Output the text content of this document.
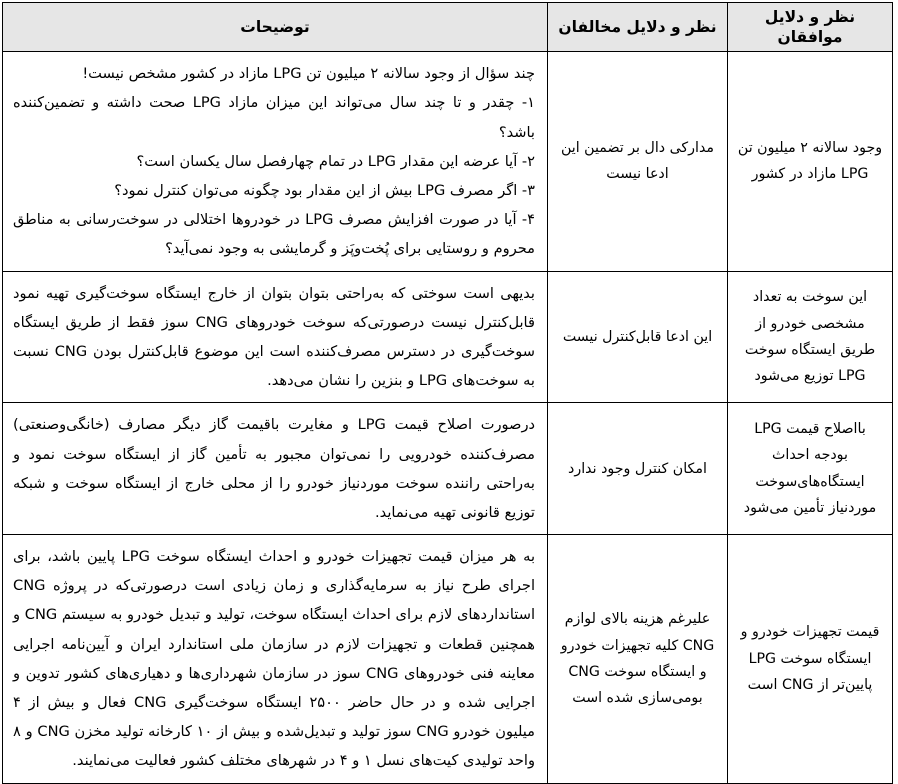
نظر و دلایل موافقان	نظر و دلایل مخالفان	توضیحات
وجود سالانه ۲ میلیون تن LPG مازاد در کشور	مدارکی دال بر تضمین این ادعا نیست	چند سؤال از وجود سالانه ۲ میلیون تن LPG مازاد در کشور مشخص نیست!
۱- چقدر و تا چند سال می‌تواند این میزان مازاد LPG صحت داشته و تضمین‌کننده باشد؟
۲- آیا عرضه این مقدار LPG در تمام چهارفصل سال یکسان است؟
۳- اگر مصرف LPG بیش از این مقدار بود چگونه می‌توان کنترل نمود؟
۴- آیا در صورت افزایش مصرف LPG در خودروها اختلالی در سوخت‌رسانی به مناطق محروم و روستایی برای پُخت‌وپَز و گرمایشی به وجود نمی‌آید؟

این سوخت به تعداد مشخصی خودرو از طریق ایستگاه سوخت LPG توزیع می‌شود	این ادعا قابل‌کنترل نیست	بدیهی است سوختی که به‌راحتی بتوان بتوان از خارج ایستگاه سوخت‌گیری تهیه نمود قابل‌کنترل نیست درصورتی‌که سوخت خودروهای CNG سوز فقط از طریق ایستگاه سوخت‌گیری در دسترس مصرف‌کننده است این موضوع قابل‌کنترل بودن CNG نسبت به سوخت‌های LPG و بنزین را نشان می‌دهد.
بااصلاح قیمت LPG بودجه احداث ایستگاه‌های‌سوخت موردنیاز تأمین می‌شود	امکان کنترل وجود ندارد	درصورت اصلاح قیمت LPG و مغایرت باقیمت گاز دیگر مصارف (خانگی‌وصنعتی) مصرف‌کننده خودرویی را نمی‌توان مجبور به تأمین گاز از ایستگاه سوخت نمود و به‌راحتی راننده سوخت موردنیاز خودرو را از محلی خارج از ایستگاه سوخت و شبکه توزیع قانونی تهیه می‌نماید.
قیمت تجهیزات خودرو و ایستگاه سوخت LPG پایین‌تر از CNG است	علیرغم هزینه بالای لوازم CNG کلیه تجهیزات خودرو و ایستگاه سوخت CNG بومی‌سازی شده است	به هر میزان قیمت تجهیزات خودرو و احداث ایستگاه سوخت LPG پایین باشد، برای اجرای طرح نیاز به سرمایه‌گذاری و زمان زیادی است درصورتی‌که در پروژه CNG استانداردهای لازم برای احداث ایستگاه سوخت، تولید و تبدیل خودرو به سیستم CNG و همچنین قطعات و تجهیزات لازم در سازمان ملی استاندارد ایران و آیین‌نامه اجرایی معاینه فنی خودروهای CNG سوز در سازمان شهرداری‌ها و دهیاری‌های کشور تدوین و اجرایی شده و در حال حاضر ۲۵۰۰ ایستگاه سوخت‌گیری CNG فعال و بیش از ۴ میلیون خودرو CNG سوز تولید و تبدیل‌شده و بیش از ۱۰ کارخانه تولید مخزن CNG و ۸ واحد تولیدی کیت‌های نسل ۱ و ۴ در شهرهای مختلف کشور فعالیت می‌نمایند.
